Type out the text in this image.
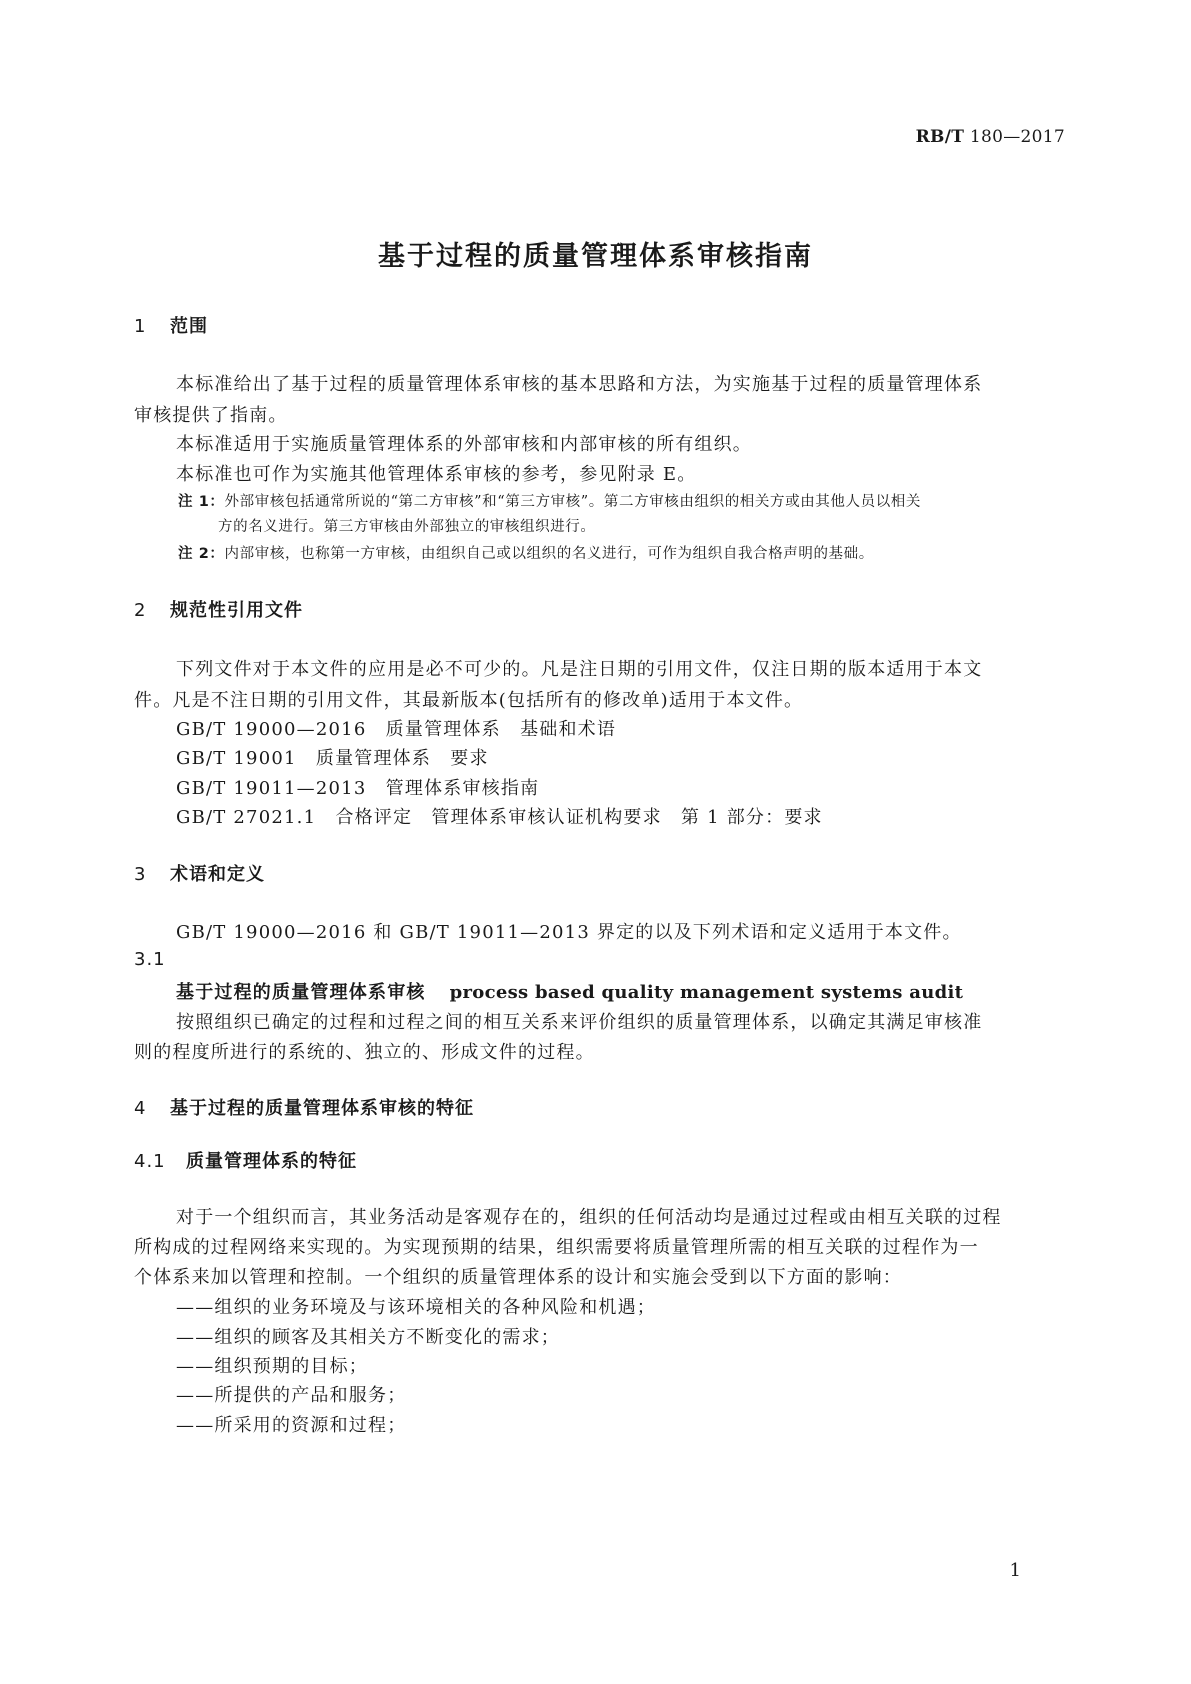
RB/T 180—2017
基于过程的质量管理体系审核指南
1 范围
本标准给出了基于过程的质量管理体系审核的基本思路和方法，为实施基于过程的质量管理体系
审核提供了指南。
本标准适用于实施质量管理体系的外部审核和内部审核的所有组织。
本标准也可作为实施其他管理体系审核的参考，参见附录 E。
注 1：外部审核包括通常所说的“第二方审核”和“第三方审核”。第二方审核由组织的相关方或由其他人员以相关
方的名义进行。第三方审核由外部独立的审核组织进行。
注 2：内部审核，也称第一方审核，由组织自己或以组织的名义进行，可作为组织自我合格声明的基础。
2 规范性引用文件
下列文件对于本文件的应用是必不可少的。凡是注日期的引用文件，仅注日期的版本适用于本文
件。凡是不注日期的引用文件，其最新版本(包括所有的修改单)适用于本文件。
GB/T 19000—2016　 质量管理体系　基础和术语
GB/T 19001　 质量管理体系　要求
GB/T 19011—2013　 管理体系审核指南
GB/T 27021.1　 合格评定　管理体系审核认证机构要求　第 1 部分：要求
3 术语和定义
GB/T 19000—2016 和 GB/T 19011—2013 界定的以及下列术语和定义适用于本文件。
3.1
基于过程的质量管理体系审核 process based quality management systems audit
按照组织已确定的过程和过程之间的相互关系来评价组织的质量管理体系，以确定其满足审核准
则的程度所进行的系统的、独立的、形成文件的过程。
4 基于过程的质量管理体系审核的特征
4.1 质量管理体系的特征
对于一个组织而言，其业务活动是客观存在的，组织的任何活动均是通过过程或由相互关联的过程
所构成的过程网络来实现的。为实现预期的结果，组织需要将质量管理所需的相互关联的过程作为一
个体系来加以管理和控制。一个组织的质量管理体系的设计和实施会受到以下方面的影响：
——组织的业务环境及与该环境相关的各种风险和机遇；
——组织的顾客及其相关方不断变化的需求；
——组织预期的目标；
——所提供的产品和服务；
——所采用的资源和过程；
1
